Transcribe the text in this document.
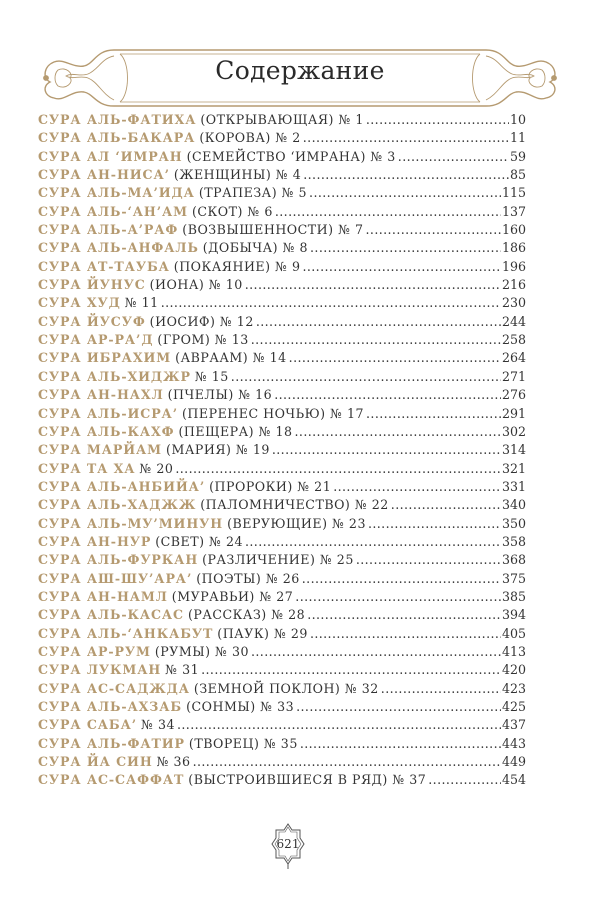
Содержание
СУРА АЛЬ-ФАТИХА (ОТКРЫВАЮЩАЯ) № 1 .....	10
СУРА АЛЬ-БАКАРА (КОРОВА) № 2 .....	11
СУРА АЛ ‘ИМРАН (СЕМЕЙСТВО ‘ИМРАНА) № 3 .....	59
СУРА АН-НИСА’ (ЖЕНЩИНЫ) № 4 .....	85
СУРА АЛЬ-МА’ИДА (ТРАПЕЗА) № 5 .....	115
СУРА АЛЬ-‘АН’АМ (СКОТ) № 6 .....	137
СУРА АЛЬ-А’РАФ (ВОЗВЫШЕННОСТИ) № 7 .....	160
СУРА АЛЬ-АНФАЛЬ (ДОБЫЧА) № 8 .....	186
СУРА АТ-ТАУБА (ПОКАЯНИЕ) № 9 .....	196
СУРА ЙУНУС (ИОНА) № 10 .....	216
СУРА ХУД № 11 .....	230
СУРА ЙУСУФ (ИОСИФ) № 12 .....	244
СУРА АР-РА’Д (ГРОМ) № 13 .....	258
СУРА ИБРАХИМ (АВРААМ) № 14 .....	264
СУРА АЛЬ-ХИДЖР № 15 .....	271
СУРА АН-НАХЛ (ПЧЕЛЫ) № 16 .....	276
СУРА АЛЬ-ИСРА’ (ПЕРЕНЕС НОЧЬЮ) № 17 .....	291
СУРА АЛЬ-КАХФ (ПЕЩЕРА) № 18 .....	302
СУРА МАРЙАМ (МАРИЯ) № 19 .....	314
СУРА ТА ХА № 20 .....	321
СУРА АЛЬ-АНБИЙА’ (ПРОРОКИ) № 21 .....	331
СУРА АЛЬ-ХАДЖЖ (ПАЛОМНИЧЕСТВО) № 22 .....	340
СУРА АЛЬ-МУ’МИНУН (ВЕРУЮЩИЕ) № 23 .....	350
СУРА АН-НУР (СВЕТ) № 24 .....	358
СУРА АЛЬ-ФУРКАН (РАЗЛИЧЕНИЕ) № 25 .....	368
СУРА АШ-ШУ’АРА’ (ПОЭТЫ) № 26 .....	375
СУРА АН-НАМЛ (МУРАВЬИ) № 27 .....	385
СУРА АЛЬ-КАСАС (РАССКАЗ) № 28 .....	394
СУРА АЛЬ-‘АНКАБУТ (ПАУК) № 29 .....	405
СУРА АР-РУМ (РУМЫ) № 30 .....	413
СУРА ЛУКМАН № 31 .....	420
СУРА АС-САДЖДА (ЗЕМНОЙ ПОКЛОН) № 32 .....	423
СУРА АЛЬ-АХЗАБ (СОНМЫ) № 33 .....	425
СУРА САБА’ № 34 .....	437
СУРА АЛЬ-ФАТИР (ТВОРЕЦ) № 35 .....	443
СУРА ЙА СИН № 36 .....	449
СУРА АС-САФФАТ (ВЫСТРОИВШИЕСЯ В РЯД) № 37 .....	454
621
